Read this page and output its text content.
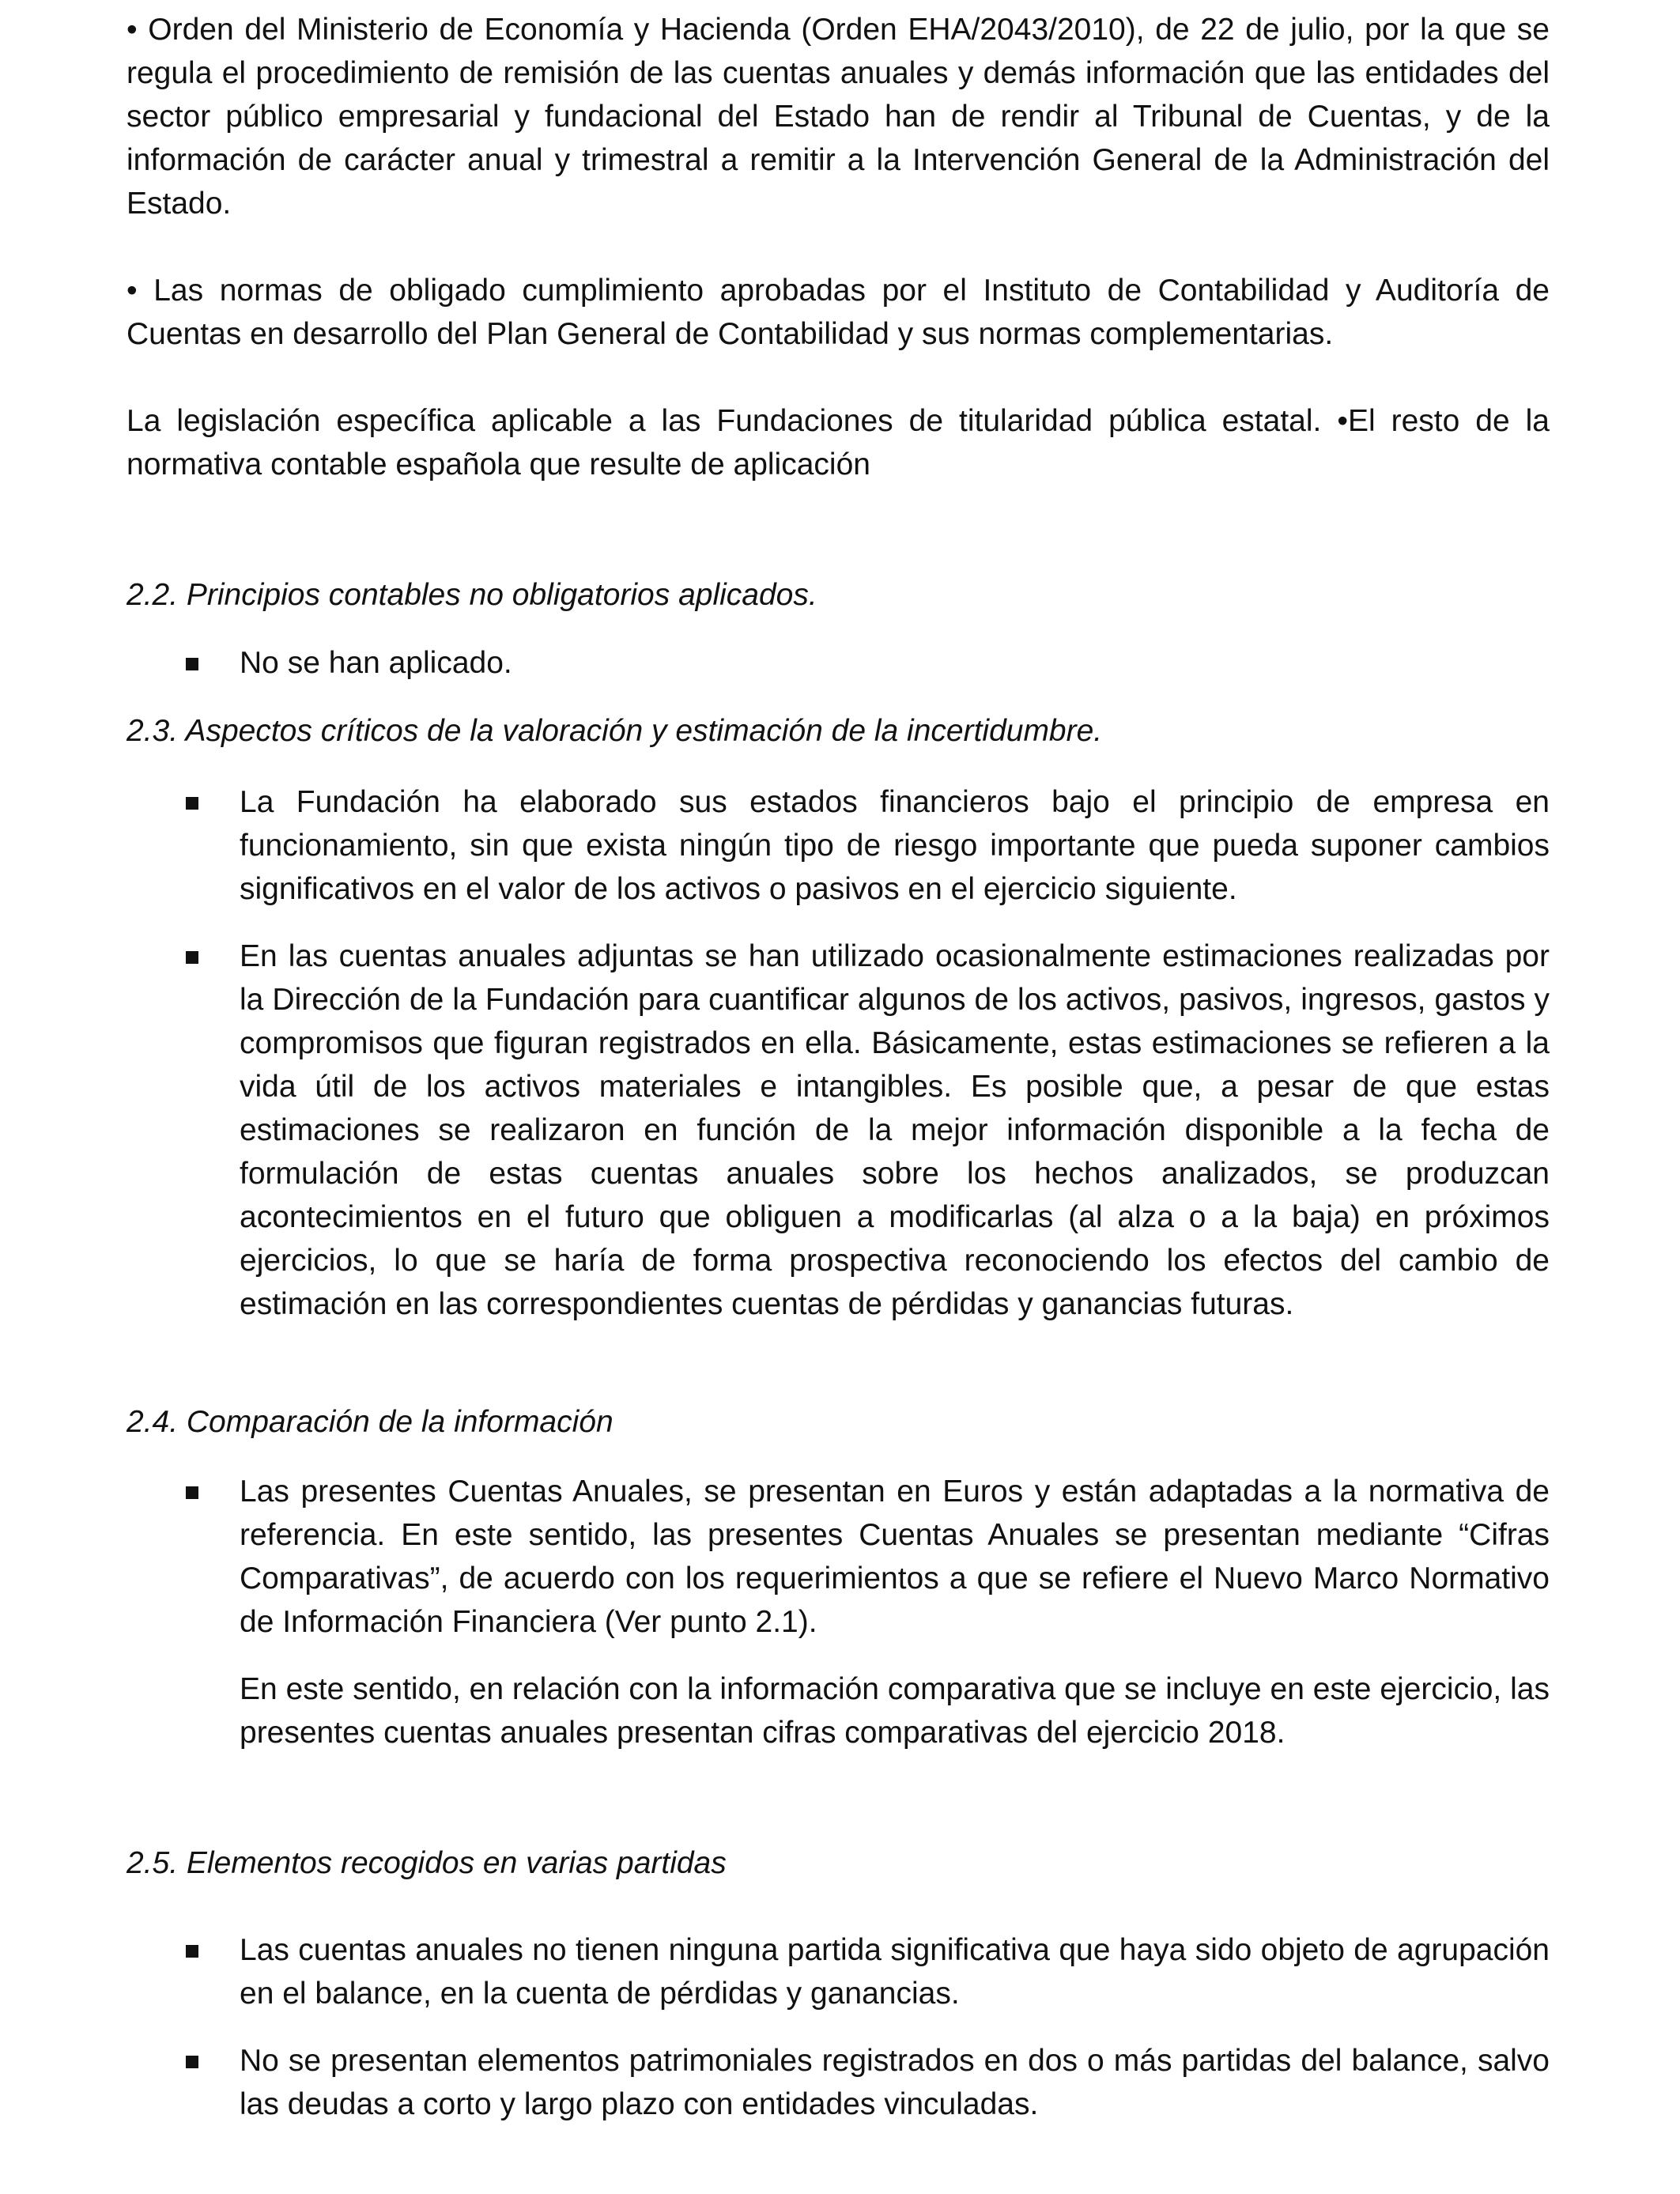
• Orden del Ministerio de Economía y Hacienda (Orden EHA/2043/2010), de 22 de julio, por la que se regula el procedimiento de remisión de las cuentas anuales y demás información que las entidades del sector público empresarial y fundacional del Estado han de rendir al Tribunal de Cuentas, y de la información de carácter anual y trimestral a remitir a la Intervención General de la Administración del Estado.

• Las normas de obligado cumplimiento aprobadas por el Instituto de Contabilidad y Auditoría de Cuentas en desarrollo del Plan General de Contabilidad y sus normas complementarias.

La legislación específica aplicable a las Fundaciones de titularidad pública estatal. •El resto de la normativa contable española que resulte de aplicación

2.2. Principios contables no obligatorios aplicados.

No se han aplicado.

2.3. Aspectos críticos de la valoración y estimación de la incertidumbre.

La Fundación ha elaborado sus estados financieros bajo el principio de empresa en funcionamiento, sin que exista ningún tipo de riesgo importante que pueda suponer cambios significativos en el valor de los activos o pasivos en el ejercicio siguiente.
En las cuentas anuales adjuntas se han utilizado ocasionalmente estimaciones realizadas por la Dirección de la Fundación para cuantificar algunos de los activos, pasivos, ingresos, gastos y compromisos que figuran registrados en ella. Básicamente, estas estimaciones se refieren a la vida útil de los activos materiales e intangibles. Es posible que, a pesar de que estas estimaciones se realizaron en función de la mejor información disponible a la fecha de formulación de estas cuentas anuales sobre los hechos analizados, se produzcan acontecimientos en el futuro que obliguen a modificarlas (al alza o a la baja) en próximos ejercicios, lo que se haría de forma prospectiva reconociendo los efectos del cambio de estimación en las correspondientes cuentas de pérdidas y ganancias futuras.

2.4. Comparación de la información

Las presentes Cuentas Anuales, se presentan en Euros y están adaptadas a la normativa de referencia. En este sentido, las presentes Cuentas Anuales se presentan mediante “Cifras Comparativas”, de acuerdo con los requerimientos a que se refiere el Nuevo Marco Normativo de Información Financiera (Ver punto 2.1).

En este sentido, en relación con la información comparativa que se incluye en este ejercicio, las presentes cuentas anuales presentan cifras comparativas del ejercicio 2018.

2.5. Elementos recogidos en varias partidas

Las cuentas anuales no tienen ninguna partida significativa que haya sido objeto de agrupación en el balance, en la cuenta de pérdidas y ganancias.
No se presentan elementos patrimoniales registrados en dos o más partidas del balance, salvo las deudas a corto y largo plazo con entidades vinculadas.
